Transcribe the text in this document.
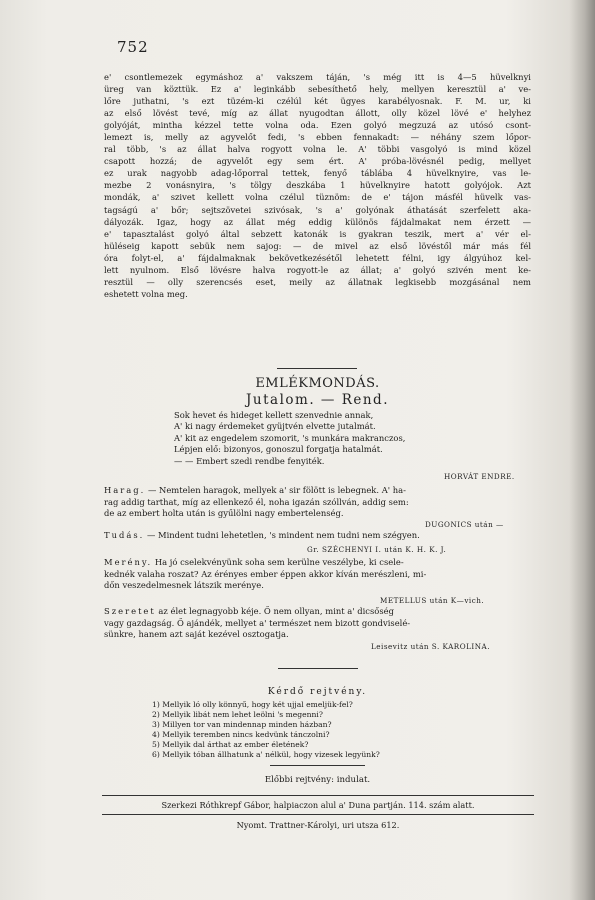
752
e' csontlemezek egymáshoz a' vakszem táján, 's még itt is 4—5 hüvelknyi
üreg van közttük. Ez a' leginkább sebesíthető hely, mellyen keresztül a' ve-
lőre juthatni, 's ezt tüzém-ki czélúl két ügyes karabélyosnak. F. M. ur, ki
az első lövést tevé, míg az állat nyugodtan állott, olly közel lövé e' helyhez
golyóját, mintha kézzel tette volna oda. Ezen golyó megzuzá az utósó csont-
lemezt is, melly az agyvelőt fedi, 's ebben fennakadt: — néhány szem lőpor-
ral több, 's az állat halva rogyott volna le. A' többi vasgolyó is mind közel
csapott hozzá; de agyvelőt egy sem ért. A' próba-lövésnél pedig, mellyet
ez urak nagyobb adag-lőporral tettek, fenyő táblába 4 hüvelknyire, vas le-
mezbe 2 vonásnyira, 's tölgy deszkába 1 hüvelknyire hatott golyójok. Azt
mondák, a' szivet kellett volna czélul tüznöm: de e' tájon másfél hüvelk vas-
tagságú a' bőr; sejtszövetei szivósak, 's a' golyónak áthatását szerfelett aka-
dályozák. Igaz, hogy az állat még eddig különös fájdalmakat nem érzett —
e' tapasztalást golyó által sebzett katonák is gyakran teszik, mert a' vér el-
hüléseig kapott sebük nem sajog: — de mivel az első lövéstől már más fél
óra folyt-el, a' fájdalmaknak bekövetkezésétől lehetett félni, igy álgyúhoz kel-
lett nyulnom. Első lövésre halva rogyott-le az állat; a' golyó szivén ment ke-
resztül — olly szerencsés eset, meily az állatnak legkisebb mozgásánal nem
eshetett volna meg.
EMLÉKMONDÁS.
Jutalom. — Rend.
Sok hevet és hideget kellett szenvednie annak,
A' ki nagy érdemeket gyüjtvén elvette jutalmát.
A' kit az engedelem szomorit, 's munkára makranczos,
Lépjen elő: bizonyos, gonoszul forgatja hatalmát.
— — Embert szedi rendbe fenyiték.
HORVÁT ENDRE.
Harag. — Nemtelen haragok, mellyek a' sir fölött is lebegnek. A' ha-
rag addig tarthat, míg az ellenkező él, noha igazán szóllván, addig sem:
de az embert holta után is gyűlölni nagy embertelenség.
DUGONICS után —
Tudás. — Mindent tudni lehetetlen, 's mindent nem tudni nem szégyen.
Gr. SZÉCHENYI I. után K. H. K. J.
Merény. Ha jó cselekvényünk soha sem kerülne veszélybe, ki csele-
kednék valaha roszat? Az érényes ember éppen akkor kíván merészleni, mi-
dőn veszedelmesnek látszik merénye.
METELLUS után K—vich.
Szeretet az élet legnagyobb kéje. Ő nem ollyan, mint a' dicsőség
vagy gazdagság. Ő ajándék, mellyet a' természet nem bizott gondviselé-
sünkre, hanem azt saját kezével osztogatja.
Leisevitz után S. KAROLINA.
Kérdő rejtvény.
1) Mellyik ló olly könnyű, hogy két ujjal emeljük-fel?
2) Mellyik libát nem lehet leölni 's megenni?
3) Millyen tor van mindennap minden házban?
4) Mellyik teremben nincs kedvünk tánczolni?
5) Mellyik dal árthat az ember életének?
6) Mellyik tóban állhatunk a' nélkül, hogy vizesek legyünk?
Előbbi rejtvény: indulat.
Szerkezi Róthkrepf Gábor, halpiaczon alul a' Duna partján. 114. szám alatt.
Nyomt. Trattner-Károlyi, uri utsza 612.
